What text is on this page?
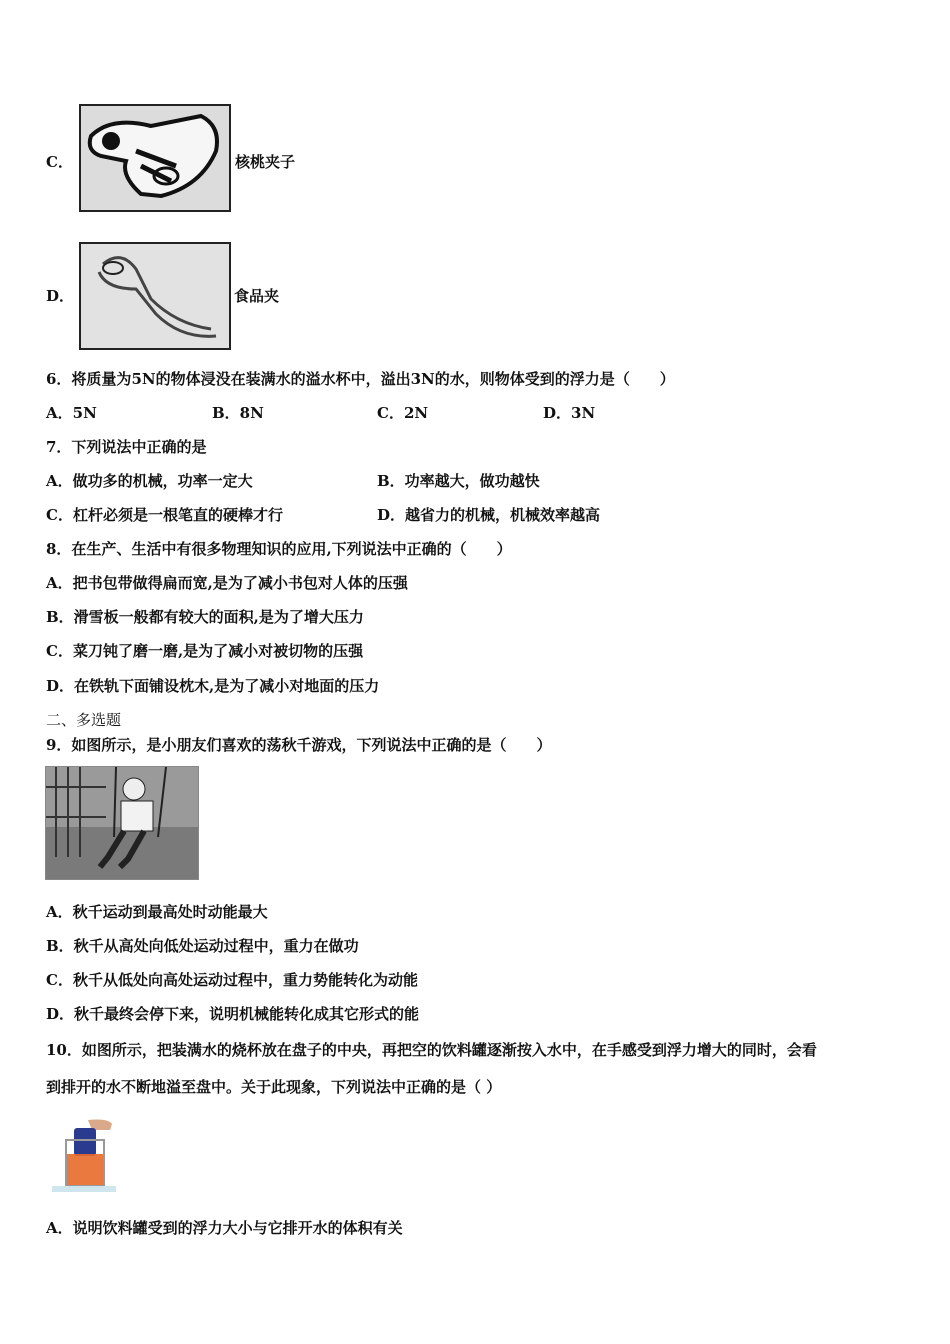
C．	核桃夹子
D．	食品夹
6．将质量为5N的物体浸没在装满水的溢水杯中，溢出3N的水，则物体受到的浮力是（　　）
A．5N	B．8N	C．2N	D．3N
7．下列说法中正确的是
A．做功多的机械，功率一定大	B．功率越大，做功越快
C．杠杆必须是一根笔直的硬棒才行	D．越省力的机械，机械效率越高
8．在生产、生活中有很多物理知识的应用,下列说法中正确的（　　）
A．把书包带做得扁而宽,是为了减小书包对人体的压强
B．滑雪板一般都有较大的面积,是为了增大压力
C．菜刀钝了磨一磨,是为了减小对被切物的压强
D．在铁轨下面铺设枕木,是为了减小对地面的压力
二、多选题
9．如图所示，是小朋友们喜欢的荡秋千游戏，下列说法中正确的是（　　）
A．秋千运动到最高处时动能最大
B．秋千从高处向低处运动过程中，重力在做功
C．秋千从低处向高处运动过程中，重力势能转化为动能
D．秋千最终会停下来，说明机械能转化成其它形式的能
10．如图所示，把装满水的烧杯放在盘子的中央，再把空的饮料罐逐渐按入水中，在手感受到浮力增大的同时，会看
到排开的水不断地溢至盘中。关于此现象，下列说法中正确的是（ ）
A．说明饮料罐受到的浮力大小与它排开水的体积有关
